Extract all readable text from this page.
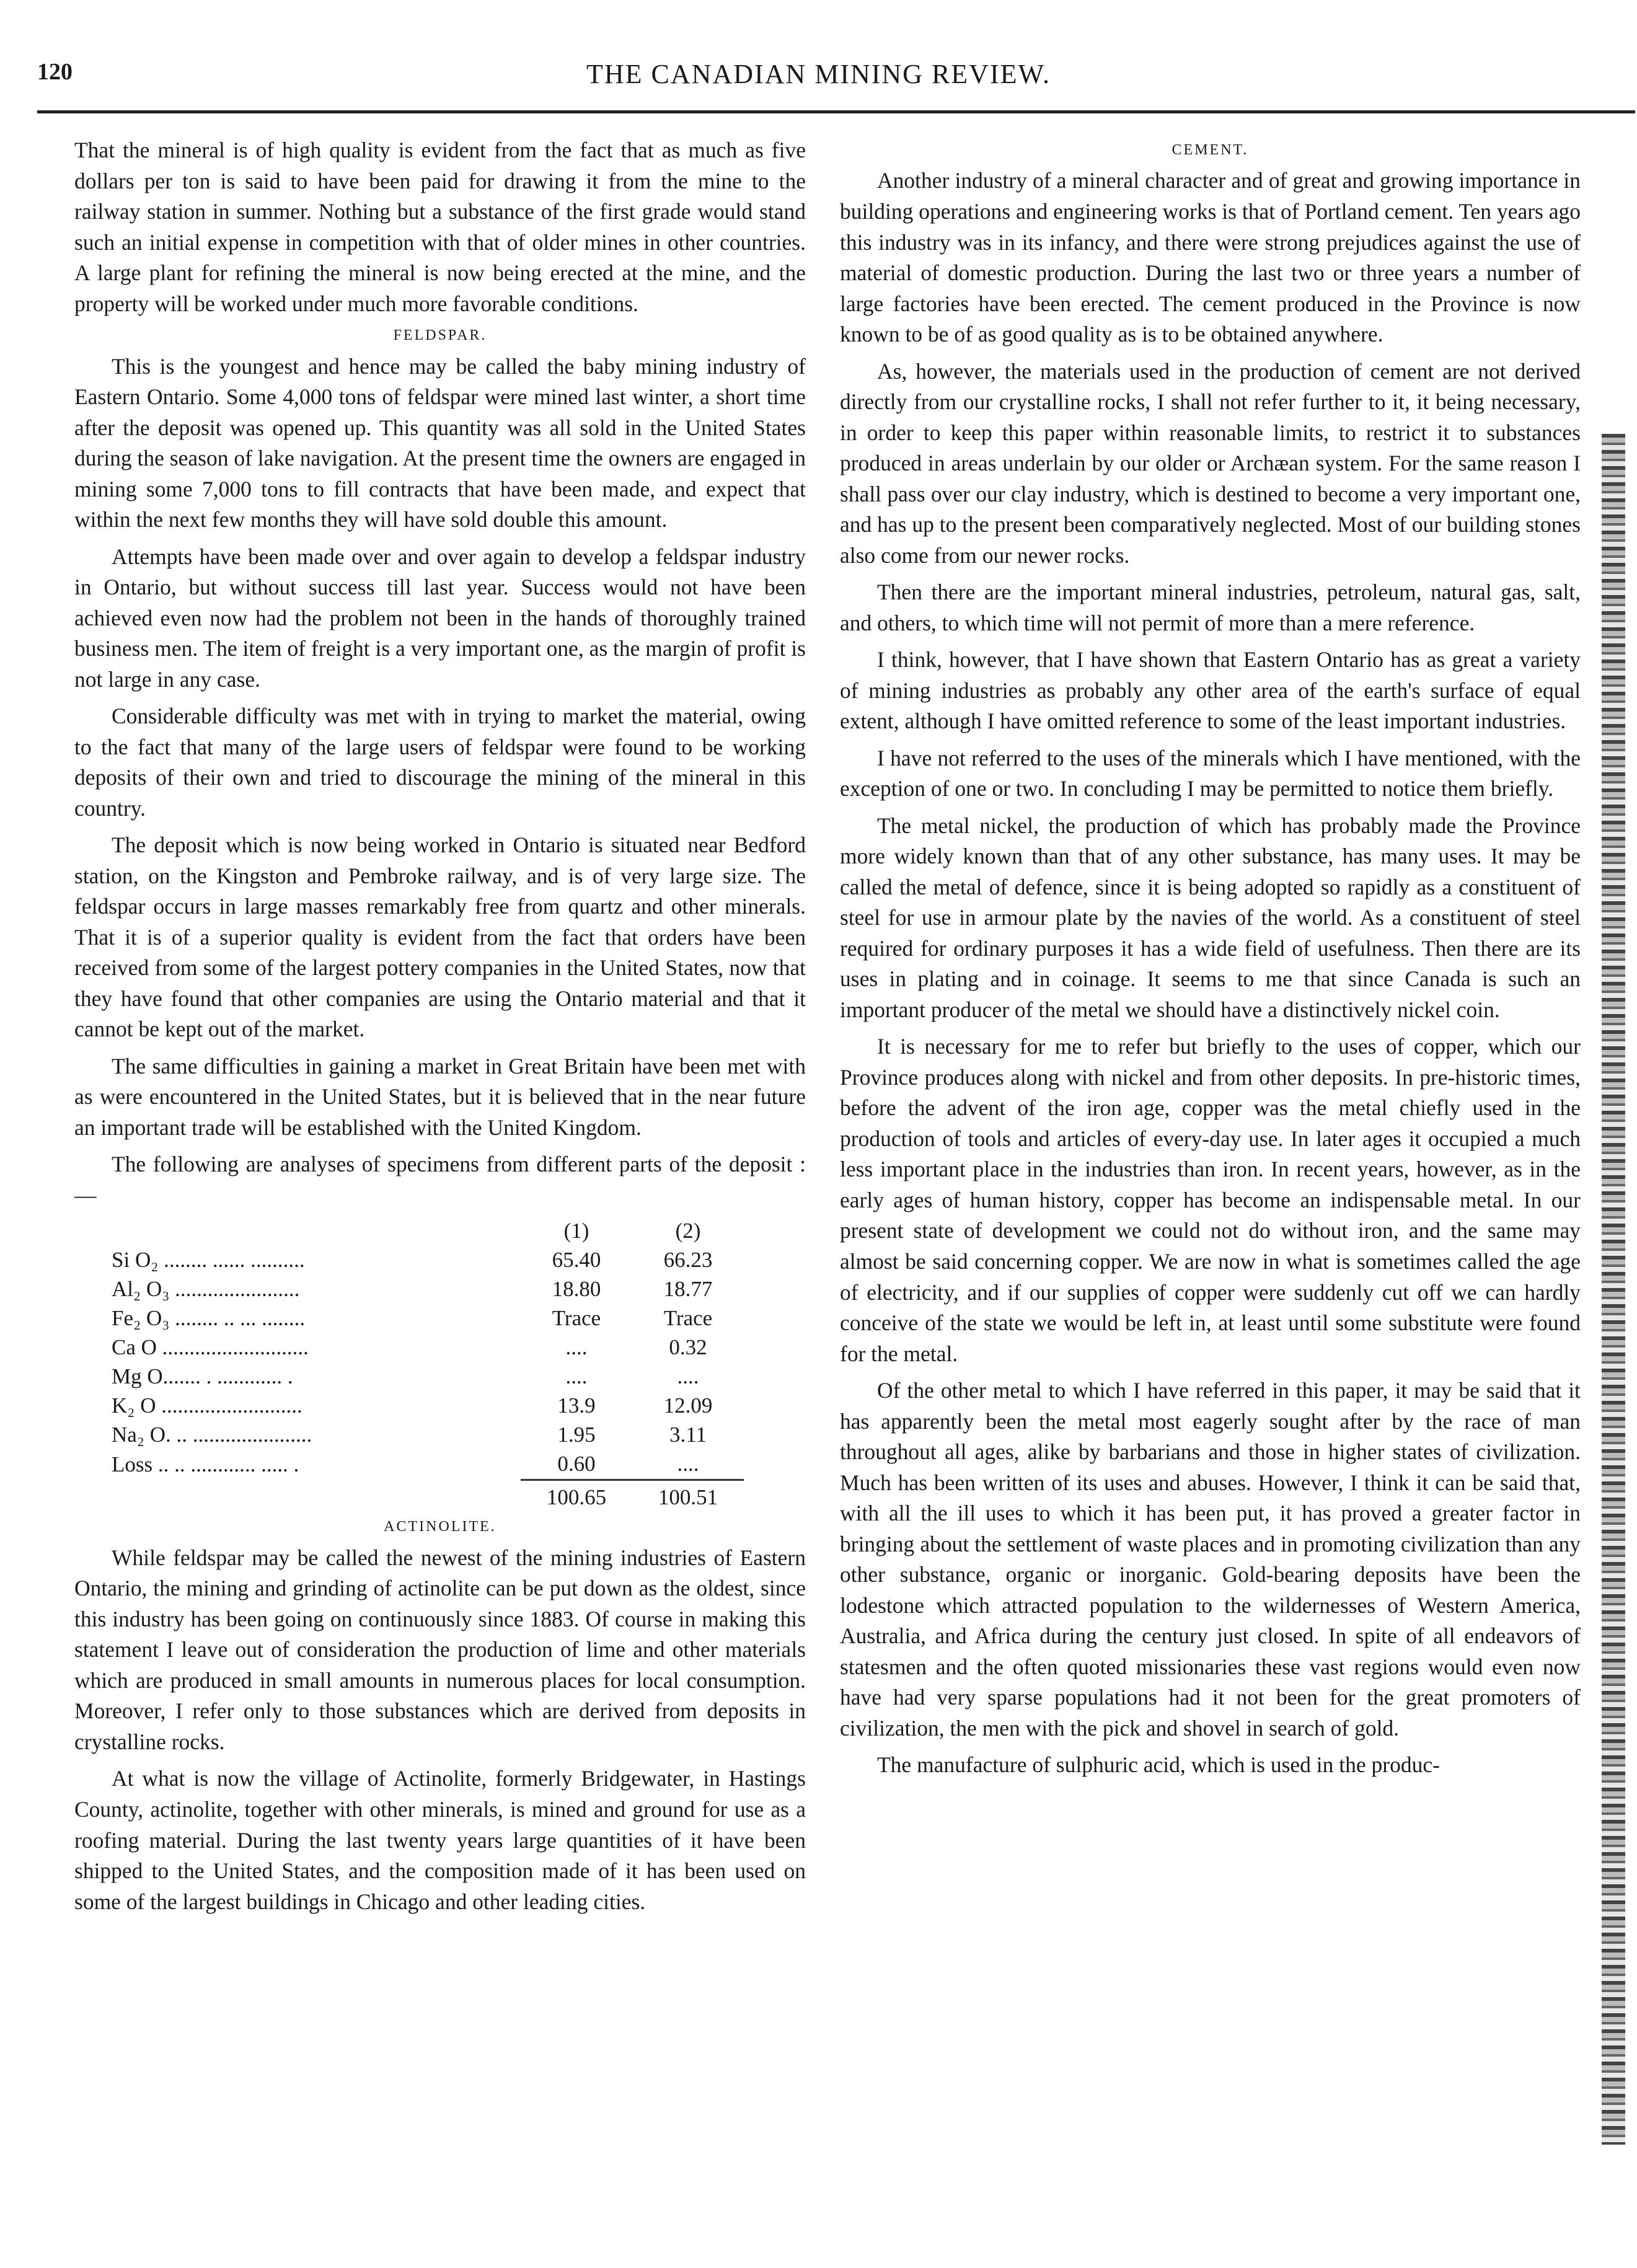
120	THE CANADIAN MINING REVIEW.

That the mineral is of high quality is evident from the fact that as much as five dollars per ton is said to have been paid for drawing it from the mine to the railway station in summer. Nothing but a substance of the first grade would stand such an initial expense in competition with that of older mines in other countries. A large plant for refining the mineral is now being erected at the mine, and the property will be worked under much more favorable conditions.

FELDSPAR.

This is the youngest and hence may be called the baby mining industry of Eastern Ontario. Some 4,000 tons of feldspar were mined last winter, a short time after the deposit was opened up. This quantity was all sold in the United States during the season of lake navigation. At the present time the owners are engaged in mining some 7,000 tons to fill contracts that have been made, and expect that within the next few months they will have sold double this amount.

Attempts have been made over and over again to develop a feldspar industry in Ontario, but without success till last year. Success would not have been achieved even now had the problem not been in the hands of thoroughly trained business men. The item of freight is a very important one, as the margin of profit is not large in any case.

Considerable difficulty was met with in trying to market the material, owing to the fact that many of the large users of feldspar were found to be working deposits of their own and tried to discourage the mining of the mineral in this country.

The deposit which is now being worked in Ontario is situated near Bedford station, on the Kingston and Pembroke railway, and is of very large size. The feldspar occurs in large masses remarkably free from quartz and other minerals. That it is of a superior quality is evident from the fact that orders have been received from some of the largest pottery companies in the United States, now that they have found that other companies are using the Ontario material and that it cannot be kept out of the market.

The same difficulties in gaining a market in Great Britain have been met with as were encountered in the United States, but it is believed that in the near future an important trade will be established with the United Kingdom.

The following are analyses of specimens from different parts of the deposit :—

	(1)	(2)
Si O₂ ........ ...... ..........	65.40	66.23
Al₂ O₃ .......................	18.80	18.77
Fe₂ O₃ ........ .. ... ........	Trace	Trace
Ca O ...........................	....	0.32
Mg O....... . ............ .	....	....
K₂ O ..........................	13.9	12.09
Na₂ O. .. ......................	1.95	3.11
Loss .. .. ............ ..... .	0.60	....
	100.65	100.51
ACTINOLITE.

While feldspar may be called the newest of the mining industries of Eastern Ontario, the mining and grinding of actinolite can be put down as the oldest, since this industry has been going on continuously since 1883. Of course in making this statement I leave out of consideration the production of lime and other materials which are produced in small amounts in numerous places for local consumption. Moreover, I refer only to those substances which are derived from deposits in crystalline rocks.

At what is now the village of Actinolite, formerly Bridgewater, in Hastings County, actinolite, together with other minerals, is mined and ground for use as a roofing material. During the last twenty years large quantities of it have been shipped to the United States, and the composition made of it has been used on some of the largest buildings in Chicago and other leading cities.

CEMENT.

Another industry of a mineral character and of great and growing importance in building operations and engineering works is that of Portland cement. Ten years ago this industry was in its infancy, and there were strong prejudices against the use of material of domestic production. During the last two or three years a number of large factories have been erected. The cement produced in the Province is now known to be of as good quality as is to be obtained anywhere.

As, however, the materials used in the production of cement are not derived directly from our crystalline rocks, I shall not refer further to it, it being necessary, in order to keep this paper within reasonable limits, to restrict it to substances produced in areas underlain by our older or Archæan system. For the same reason I shall pass over our clay industry, which is destined to become a very important one, and has up to the present been comparatively neglected. Most of our building stones also come from our newer rocks.

Then there are the important mineral industries, petroleum, natural gas, salt, and others, to which time will not permit of more than a mere reference.

I think, however, that I have shown that Eastern Ontario has as great a variety of mining industries as probably any other area of the earth's surface of equal extent, although I have omitted reference to some of the least important industries.

I have not referred to the uses of the minerals which I have mentioned, with the exception of one or two. In concluding I may be permitted to notice them briefly.

The metal nickel, the production of which has probably made the Province more widely known than that of any other substance, has many uses. It may be called the metal of defence, since it is being adopted so rapidly as a constituent of steel for use in armour plate by the navies of the world. As a constituent of steel required for ordinary purposes it has a wide field of usefulness. Then there are its uses in plating and in coinage. It seems to me that since Canada is such an important producer of the metal we should have a distinctively nickel coin.

It is necessary for me to refer but briefly to the uses of copper, which our Province produces along with nickel and from other deposits. In pre-historic times, before the advent of the iron age, copper was the metal chiefly used in the production of tools and articles of every-day use. In later ages it occupied a much less important place in the industries than iron. In recent years, however, as in the early ages of human history, copper has become an indispensable metal. In our present state of development we could not do without iron, and the same may almost be said concerning copper. We are now in what is sometimes called the age of electricity, and if our supplies of copper were suddenly cut off we can hardly conceive of the state we would be left in, at least until some substitute were found for the metal.

Of the other metal to which I have referred in this paper, it may be said that it has apparently been the metal most eagerly sought after by the race of man throughout all ages, alike by barbarians and those in higher states of civilization. Much has been written of its uses and abuses. However, I think it can be said that, with all the ill uses to which it has been put, it has proved a greater factor in bringing about the settlement of waste places and in promoting civilization than any other substance, organic or inorganic. Gold-bearing deposits have been the lodestone which attracted population to the wildernesses of Western America, Australia, and Africa during the century just closed. In spite of all endeavors of statesmen and the often quoted missionaries these vast regions would even now have had very sparse populations had it not been for the great promoters of civilization, the men with the pick and shovel in search of gold.

The manufacture of sulphuric acid, which is used in the produc-
